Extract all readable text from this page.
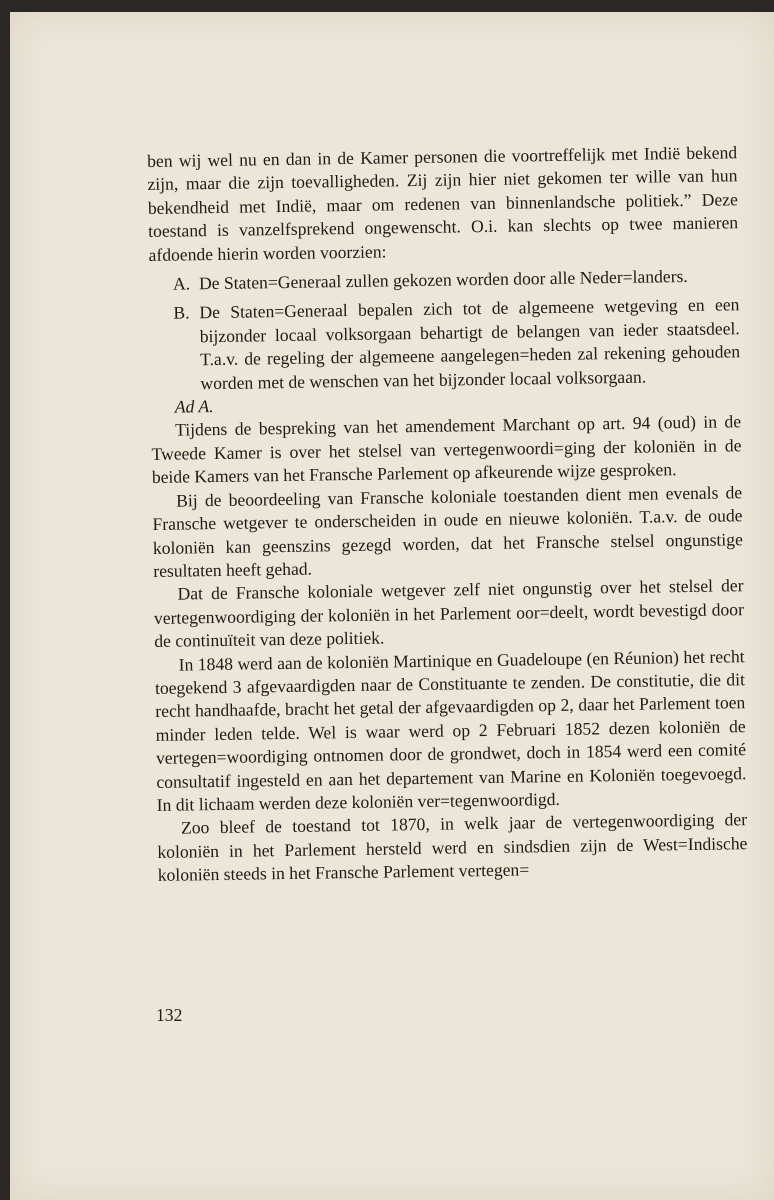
ben wij wel nu en dan in de Kamer personen die voortreffelijk met Indië bekend zijn, maar die zijn toevalligheden. Zij zijn hier niet gekomen ter wille van hun bekendheid met Indië, maar om redenen van binnenlandsche politiek.” Deze toestand is vanzelfsprekend ongewenscht. O.i. kan slechts op twee manieren afdoende hierin worden voorzien:

A. De Staten=Generaal zullen gekozen worden door alle Neder=landers.

B. De Staten=Generaal bepalen zich tot de algemeene wetgeving en een bijzonder locaal volksorgaan behartigt de belangen van ieder staatsdeel. T.a.v. de regeling der algemeene aangelegen=heden zal rekening gehouden worden met de wenschen van het bijzonder locaal volksorgaan.

Ad A.

Tijdens de bespreking van het amendement Marchant op art. 94 (oud) in de Tweede Kamer is over het stelsel van vertegenwoordi=ging der koloniën in de beide Kamers van het Fransche Parlement op afkeurende wijze gesproken.

Bij de beoordeeling van Fransche koloniale toestanden dient men evenals de Fransche wetgever te onderscheiden in oude en nieuwe koloniën. T.a.v. de oude koloniën kan geenszins gezegd worden, dat het Fransche stelsel ongunstige resultaten heeft gehad.

Dat de Fransche koloniale wetgever zelf niet ongunstig over het stelsel der vertegenwoordiging der koloniën in het Parlement oor=deelt, wordt bevestigd door de continuïteit van deze politiek.

In 1848 werd aan de koloniën Martinique en Guadeloupe (en Réunion) het recht toegekend 3 afgevaardigden naar de Constituante te zenden. De constitutie, die dit recht handhaafde, bracht het getal der afgevaardigden op 2, daar het Parlement toen minder leden telde. Wel is waar werd op 2 Februari 1852 dezen koloniën de vertegen=woordiging ontnomen door de grondwet, doch in 1854 werd een comité consultatif ingesteld en aan het departement van Marine en Koloniën toegevoegd. In dit lichaam werden deze koloniën ver=tegenwoordigd.

Zoo bleef de toestand tot 1870, in welk jaar de vertegenwoordiging der koloniën in het Parlement hersteld werd en sindsdien zijn de West=Indische koloniën steeds in het Fransche Parlement vertegen=

132
